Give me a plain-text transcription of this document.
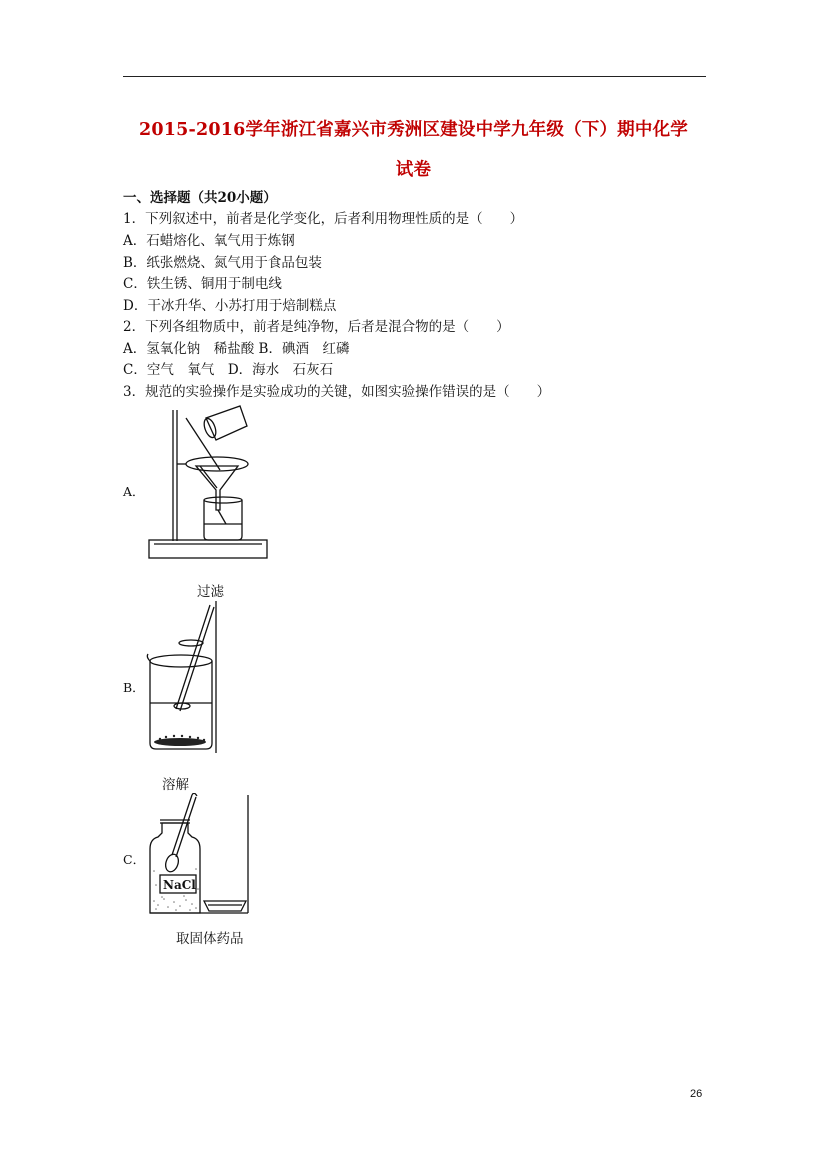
2015-2016学年浙江省嘉兴市秀洲区建设中学九年级（下）期中化学
试卷
一、选择题（共20小题）
1．下列叙述中，前者是化学变化，后者利用物理性质的是（　　）
A．石蜡熔化、氧气用于炼钢
B．纸张燃烧、氮气用于食品包装
C．铁生锈、铜用于制电线
D．干冰升华、小苏打用于焙制糕点
2．下列各组物质中，前者是纯净物，后者是混合物的是（　　）
A．氢氧化钠　稀盐酸 B．碘酒　红磷
C．空气　氧气　D．海水　石灰石
3．规范的实验操作是实验成功的关键，如图实验操作错误的是（　　）
A．
过滤
B．
溶解
C．
NaCl
取固体药品
26
